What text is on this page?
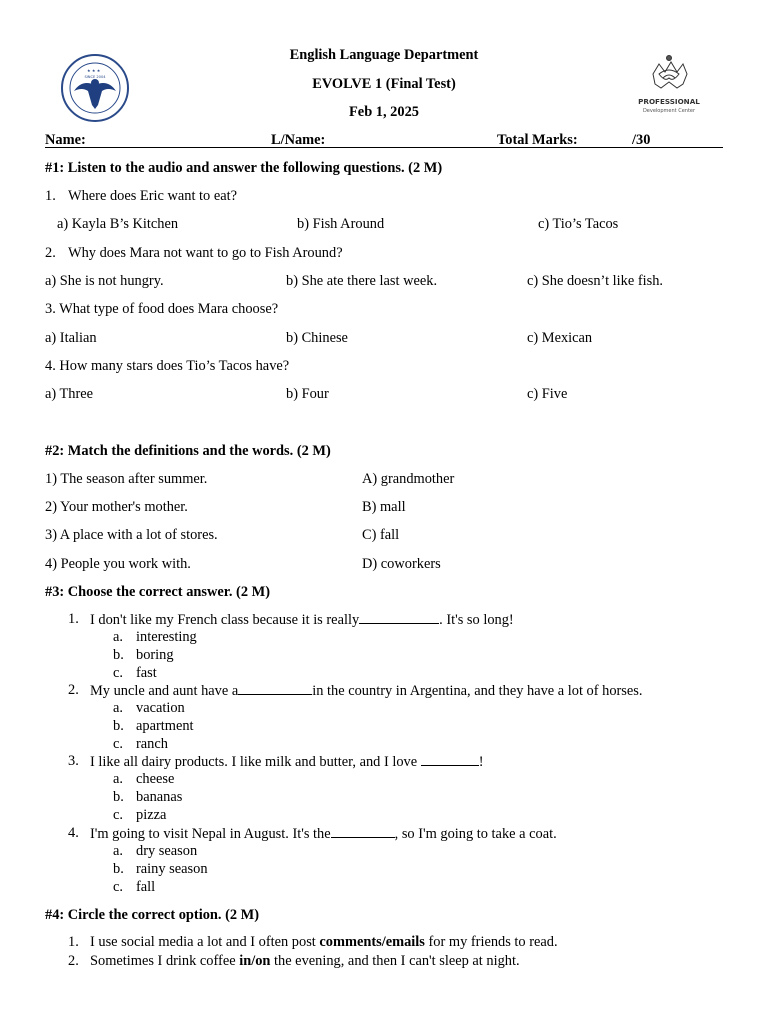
★ ★ ★
SINCE 2004
PROFESSIONAL
Development Center
English Language Department
EVOLVE 1 (Final Test)
Feb 1, 2025
Name:	L/Name:	Total Marks:	/30
#1: Listen to the audio and answer the following questions. (2 M)
1. Where does Eric want to eat?
a) Kayla B’s Kitchen	b) Fish Around	c) Tio’s Tacos
2. Why does Mara not want to go to Fish Around?
a) She is not hungry.	b) She ate there last week.	c) She doesn’t like fish.
3. What type of food does Mara choose?
a) Italian	b) Chinese	c) Mexican
4. How many stars does Tio’s Tacos have?
a) Three	b) Four	c) Five
#2: Match the definitions and the words. (2 M)
1) The season after summer.	A) grandmother
2) Your mother's mother.	B) mall
3) A place with a lot of stores.	C) fall
4) People you work with.	D) coworkers
#3: Choose the correct answer. (2 M)
1. I don't like my French class because it is really	. It's so long!
a. interesting
b. boring
c. fast
2. My uncle and aunt have a	in the country in Argentina, and they have a lot of horses.
a. vacation
b. apartment
c. ranch
3. I like all dairy products. I like milk and butter, and I love	!
a. cheese
b. bananas
c. pizza
4. I'm going to visit Nepal in August. It's the	, so I'm going to take a coat.
a. dry season
b. rainy season
c. fall
#4: Circle the correct option. (2 M)
1. I use social media a lot and I often post comments/emails for my friends to read.
2. Sometimes I drink coffee in/on the evening, and then I can't sleep at night.
